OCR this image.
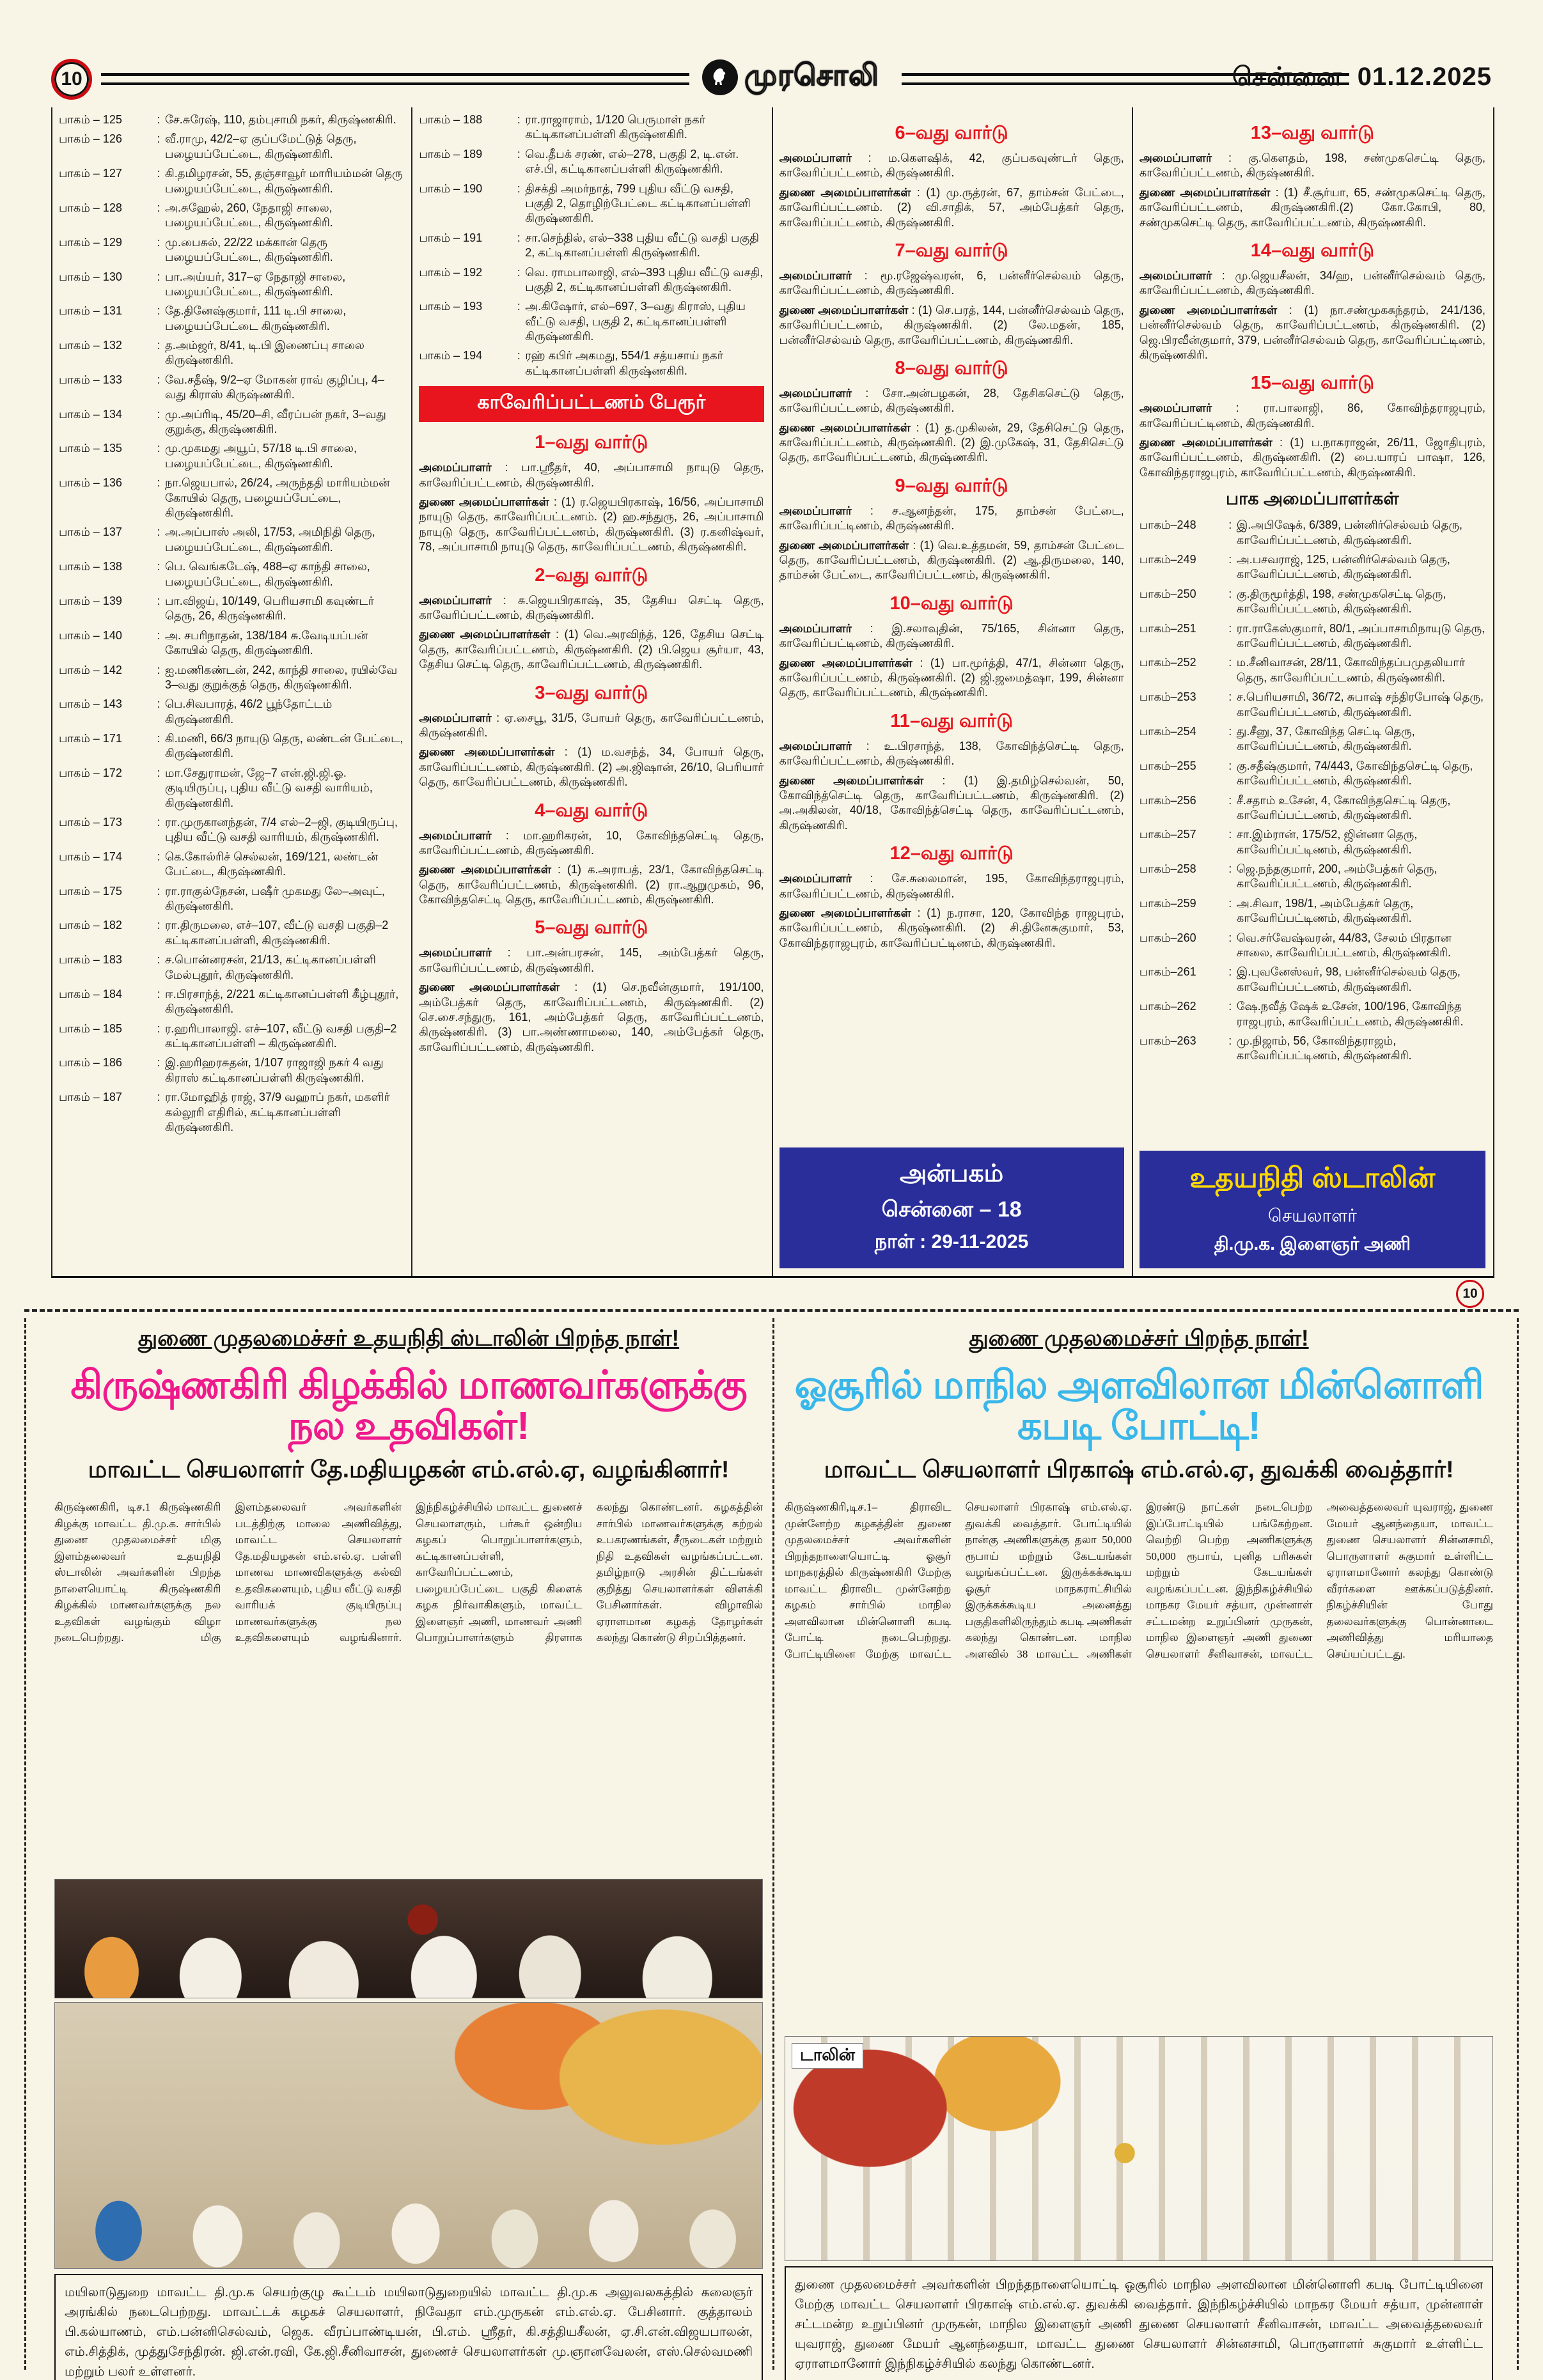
10	முரசொலி	சென்னை 01.12.2025

பாகம் – 125	: சே.சுரேஷ், 110, தம்புசாமி நகர், கிருஷ்ணகிரி.

பாகம் – 126	: வீ.ராமு, 42/2–ஏ குப்பமேட்டுத் தெரு, பழையப்பேட்டை, கிருஷ்ணகிரி.

பாகம் – 127	: கி.தமிழரசன், 55, தஞ்சாவூர் மாரியம்மன் தெரு பழையப்பேட்டை, கிருஷ்ணகிரி.

பாகம் – 128	: அ.சுஹேல், 260, நேதாஜி சாலை, பழையப்பேட்டை, கிருஷ்ணகிரி.

பாகம் – 129	: மு.பைசுல், 22/22 மக்கான் தெரு பழையப்பேட்டை, கிருஷ்ணகிரி.

பாகம் – 130	: பா.அய்யர், 317–ஏ நேதாஜி சாலை, பழையப்பேட்டை, கிருஷ்ணகிரி.

பாகம் – 131	: தே.தினேஷ்குமார், 111 டி.பி சாலை, பழையப்பேட்டை கிருஷ்ணகிரி.

பாகம் – 132	: த.அம்ஜர், 8/41, டி.பி இணைப்பு சாலை கிருஷ்ணகிரி.

பாகம் – 133	: வே.சதீஷ், 9/2–ஏ மோகன் ராவ் குழிப்பு, 4–வது கிராஸ் கிருஷ்ணகிரி.

பாகம் – 134	: மு.அப்ரிடி, 45/20–சி, வீரப்பன் நகர், 3–வது குறுக்கு, கிருஷ்ணகிரி.

பாகம் – 135	: மு.முகமது அயூப், 57/18 டி.பி சாலை, பழையப்பேட்டை, கிருஷ்ணகிரி.

பாகம் – 136	: நா.ஜெயபால், 26/24, அருந்ததி மாரியம்மன் கோயில் தெரு, பழையப்பேட்டை, கிருஷ்ணகிரி.

பாகம் – 137	: அ.அப்பாஸ் அலி, 17/53, அமிநிதி தெரு, பழையப்பேட்டை, கிருஷ்ணகிரி.

பாகம் – 138	: பெ. வெங்கடேஷ், 488–ஏ காந்தி சாலை, பழையப்பேட்டை, கிருஷ்ணகிரி.

பாகம் – 139	: பா.விஜய், 10/149, பெரியசாமி கவுண்டர் தெரு, 26, கிருஷ்ணகிரி.

பாகம் – 140	: அ. சபரிநாதன், 138/184 சு.வேடியப்பன் கோயில் தெரு, கிருஷ்ணகிரி.

பாகம் – 142	: ஐ.மணிகண்டன், 242, காந்தி சாலை, ரயில்வே 3–வது குறுக்குத் தெரு, கிருஷ்ணகிரி.

பாகம் – 143	: பெ.சிவபாரத், 46/2 பூந்தோட்டம் கிருஷ்ணகிரி.

பாகம் – 171	: கி.மணி, 66/3 நாயுடு தெரு, லண்டன் பேட்டை, கிருஷ்ணகிரி.

பாகம் – 172	: மா.சேதுராமன், ஜே–7 என்.ஜி.ஜி.ஓ. குடியிருப்பு, புதிய வீட்டு வசதி வாரியம், கிருஷ்ணகிரி.

பாகம் – 173	: ரா.முருகானந்தன், 7/4 எல்–2–ஜி, குடியிருப்பு, புதிய வீட்டு வசதி வாரியம், கிருஷ்ணகிரி.

பாகம் – 174	: கெ.கோல்ரிச் செல்லன், 169/121, லண்டன் பேட்டை, கிருஷ்ணகிரி.

பாகம் – 175	: ரா.ராகுல்நேசன், பஷீர் முகமது லே–அவுட், கிருஷ்ணகிரி.

பாகம் – 182	: ரா.திருமலை, எச்–107, வீட்டு வசதி பகுதி–2 கட்டிகானப்பள்ளி, கிருஷ்ணகிரி.

பாகம் – 183	: ச.பொன்னரசன், 21/13, கட்டிகானப்பள்ளி மேல்புதூர், கிருஷ்ணகிரி.

பாகம் – 184	: ஈ.பிரசாந்த், 2/221 கட்டிகானப்பள்ளி கீழ்புதூர், கிருஷ்ணகிரி.

பாகம் – 185	: ர.ஹரிபாலாஜி. எச்–107, வீட்டு வசதி பகுதி–2 கட்டிகானப்பள்ளி – கிருஷ்ணகிரி.

பாகம் – 186	: இ.ஹரிஹரசுதன், 1/107 ராஜாஜி நகர் 4 வது கிராஸ் கட்டிகானப்பள்ளி கிருஷ்ணகிரி.

பாகம் – 187	: ரா.மோஹித் ராஜ், 37/9 வஹாப் நகர், மகளிர் கல்லூரி எதிரில், கட்டிகானப்பள்ளி கிருஷ்ணகிரி.

பாகம் – 188	: ரா.ராஜாராம், 1/120 பெருமாள் நகர் கட்டிகானப்பள்ளி கிருஷ்ணகிரி.

பாகம் – 189	: வெ.தீபக் சரண், எல்–278, பகுதி 2, டி.என். எச்.பி, கட்டிகானப்பள்ளி கிருஷ்ணகிரி.

பாகம் – 190	: திசக்தி அமர்நாத், 799 புதிய வீட்டு வசதி, பகுதி 2, தொழிற்பேட்டை கட்டிகானப்பள்ளி கிருஷ்ணகிரி.

பாகம் – 191	: சா.செந்தில், எல்–338 புதிய வீட்டு வசதி பகுதி 2, கட்டிகானப்பள்ளி கிருஷ்ணகிரி.

பாகம் – 192	: வெ. ராமபாலாஜி, எல்–393 புதிய வீட்டு வசதி, பகுதி 2, கட்டிகானப்பள்ளி கிருஷ்ணகிரி.

பாகம் – 193	: அ.கிஷோர், எல்–697, 3–வது கிராஸ், புதிய வீட்டு வசதி, பகுதி 2, கட்டிகானப்பள்ளி கிருஷ்ணகிரி.

பாகம் – 194	: ரஹ் கபிர் அகமது, 554/1 சத்யசாய் நகர் கட்டிகானப்பள்ளி கிருஷ்ணகிரி.

காவேரிப்பட்டணம் பேரூர்
1–வது வார்டு

அமைப்பாளர் : பா.ஸ்ரீதர், 40, அப்பாசாமி நாயுடு தெரு, காவேரிப்பட்டணம், கிருஷ்ணகிரி.

துணை அமைப்பாளர்கள் : (1) ர.ஜெயபிரகாஷ், 16/56, அப்பாசாமி நாயுடு தெரு, காவேரிப்பட்டணம். (2) ஹ.சந்துரு, 26, அப்பாசாமி நாயுடு தெரு, காவேரிப்பட்டணம், கிருஷ்ணகிரி. (3) ர.கனிஷ்வர், 78, அப்பாசாமி நாயுடு தெரு, காவேரிப்பட்டணம், கிருஷ்ணகிரி.

2–வது வார்டு

அமைப்பாளர் : சு.ஜெயபிரகாஷ், 35, தேசிய செட்டி தெரு, காவேரிப்பட்டணம், கிருஷ்ணகிரி.

துணை அமைப்பாளர்கள் : (1) வெ.அரவிந்த், 126, தேசிய செட்டி தெரு, காவேரிப்பட்டணம், கிருஷ்ணகிரி. (2) பி.ஜெய சூர்யா, 43, தேசிய செட்டி தெரு, காவேரிப்பட்டணம், கிருஷ்ணகிரி.

3–வது வார்டு

அமைப்பாளர் : ஏ.சைபூ, 31/5, போயர் தெரு, காவேரிப்பட்டணம், கிருஷ்ணகிரி.

துணை அமைப்பாளர்கள் : (1) ம.வசந்த், 34, போயர் தெரு, காவேரிப்பட்டணம், கிருஷ்ணகிரி. (2) அ.ஜிஷான், 26/10, பெரியார் தெரு, காவேரிப்பட்டணம், கிருஷ்ணகிரி.

4–வது வார்டு

அமைப்பாளர் : மா.ஹரிகரன், 10, கோவிந்தசெட்டி தெரு, காவேரிப்பட்டணம், கிருஷ்ணகிரி.

துணை அமைப்பாளர்கள் : (1) க.அராபத், 23/1, கோவிந்தசெட்டி தெரு, காவேரிப்பட்டணம், கிருஷ்ணகிரி. (2) ரா.ஆறுமுகம், 96, கோவிந்தசெட்டி தெரு, காவேரிப்பட்டணம், கிருஷ்ணகிரி.

5–வது வார்டு

அமைப்பாளர் : பா.அன்பரசன், 145, அம்பேத்கர் தெரு, காவேரிப்பட்டணம், கிருஷ்ணகிரி.

துணை அமைப்பாளர்கள் : (1) செ.நவீன்குமார், 191/100, அம்பேத்கர் தெரு, காவேரிப்பட்டணம், கிருஷ்ணகிரி. (2) செ.சை.சந்துரு, 161, அம்பேத்கர் தெரு, காவேரிப்பட்டணம், கிருஷ்ணகிரி. (3) பா.அண்ணாமலை, 140, அம்பேத்கர் தெரு, காவேரிப்பட்டணம், கிருஷ்ணகிரி.

6–வது வார்டு

அமைப்பாளர் : ம.கௌஷிக், 42, குப்பகவுண்டர் தெரு, காவேரிப்பட்டணம், கிருஷ்ணகிரி.

துணை அமைப்பாளர்கள் : (1) மு.ருத்ரன், 67, தாம்சன் பேட்டை, காவேரிப்பட்டணம். (2) வி.சாதிக், 57, அம்பேத்கர் தெரு, காவேரிப்பட்டணம், கிருஷ்ணகிரி.

7–வது வார்டு

அமைப்பாளர் : மூ.ரஜேஷ்வரன், 6, பன்னீர்செல்வம் தெரு, காவேரிப்பட்டணம், கிருஷ்ணகிரி.

துணை அமைப்பாளர்கள் : (1) செ.பரத், 144, பன்னீர்செல்வம் தெரு, காவேரிப்பட்டணம், கிருஷ்ணகிரி. (2) லே.மதன், 185, பன்னீர்செல்வம் தெரு, காவேரிப்பட்டணம், கிருஷ்ணகிரி.

8–வது வார்டு

அமைப்பாளர் : சோ.அன்பழகன், 28, தேசிகசெட்டு தெரு, காவேரிப்பட்டணம், கிருஷ்ணகிரி.

துணை அமைப்பாளர்கள் : (1) த.முகிலன், 29, தேசிசெட்டு தெரு, காவேரிப்பட்டணம், கிருஷ்ணகிரி. (2) இ.முகேஷ், 31, தேசிசெட்டு தெரு, காவேரிப்பட்டணம், கிருஷ்ணகிரி.

9–வது வார்டு

அமைப்பாளர் : ச.ஆனந்தன், 175, தாம்சன் பேட்டை, காவேரிப்பட்டிணம், கிருஷ்ணகிரி.

துணை அமைப்பாளர்கள் : (1) வெ.உத்தமன், 59, தாம்சன் பேட்டை தெரு, காவேரிப்பட்டணம், கிருஷ்ணகிரி. (2) ஆ.திருமலை, 140, தாம்சன் பேட்டை, காவேரிப்பட்டணம், கிருஷ்ணகிரி.

10–வது வார்டு

அமைப்பாளர் : இ.சலாவுதின், 75/165, சின்னா தெரு, காவேரிப்பட்டிணம், கிருஷ்ணகிரி.

துணை அமைப்பாளர்கள் : (1) பா.மூர்த்தி, 47/1, சின்னா தெரு, காவேரிப்பட்டணம், கிருஷ்ணகிரி. (2) ஜி.ஜமைத்ஷா, 199, சின்னா தெரு, காவேரிப்பட்டணம், கிருஷ்ணகிரி.

11–வது வார்டு

அமைப்பாளர் : உ.பிரசாந்த், 138, கோவிந்த்செட்டி தெரு, காவேரிப்பட்டணம், கிருஷ்ணகிரி.

துணை அமைப்பாளர்கள் : (1) இ.தமிழ்செல்வன், 50, கோவிந்த்செட்டி தெரு, காவேரிப்பட்டணம், கிருஷ்ணகிரி. (2) அ.அகிலன், 40/18, கோவிந்த்செட்டி தெரு, காவேரிப்பட்டணம், கிருஷ்ணகிரி.

12–வது வார்டு

அமைப்பாளர் : சே.சுலைமான், 195, கோவிந்தராஜபுரம், காவேரிப்பட்டணம், கிருஷ்ணகிரி.

துணை அமைப்பாளர்கள் : (1) ந.ராசா, 120, கோவிந்த ராஜபுரம், காவேரிப்பட்டணம், கிருஷ்ணகிரி. (2) சி.தினேசுகுமார், 53, கோவிந்தராஜபுரம், காவேரிப்பட்டிணம், கிருஷ்ணகிரி.

அன்பகம்
சென்னை – 18
நாள் : 29-11-2025
13–வது வார்டு

அமைப்பாளர் : கு.கௌதம், 198, சண்முகசெட்டி தெரு, காவேரிப்பட்டணம், கிருஷ்ணகிரி.

துணை அமைப்பாளர்கள் : (1) சீ.சூர்யா, 65, சண்முகசெட்டி தெரு, காவேரிப்பட்டணம், கிருஷ்ணகிரி.(2) கோ.கோபி, 80, சண்முகசெட்டி தெரு, காவேரிப்பட்டணம், கிருஷ்ணகிரி.

14–வது வார்டு

அமைப்பாளர் : மு.ஜெயசீலன், 34/ஹ, பன்னீர்செல்வம் தெரு, காவேரிப்பட்டணம், கிருஷ்ணகிரி.

துணை அமைப்பாளர்கள் : (1) நா.சண்முகசுந்தரம், 241/136, பன்னீர்செல்வம் தெரு, காவேரிப்பட்டணம், கிருஷ்ணகிரி. (2) ஜெ.பிரவீன்குமார், 379, பன்னீர்செல்வம் தெரு, காவேரிப்பட்டிணம், கிருஷ்ணகிரி.

15–வது வார்டு

அமைப்பாளர் : ரா.பாலாஜி, 86, கோவிந்தராஜபுரம், காவேரிப்பட்டிணம், கிருஷ்ணகிரி.

துணை அமைப்பாளர்கள் : (1) ப.நாகராஜன், 26/11, ஜோதிபுரம், காவேரிப்பட்டணம், கிருஷ்ணகிரி. (2) பை.யாரப் பாஷா, 126, கோவிந்தராஜபுரம், காவேரிப்பட்டணம், கிருஷ்ணகிரி.

பாக அமைப்பாளர்கள்

பாகம்–248	: இ.அபிஷேக், 6/389, பன்னிர்செல்வம் தெரு, காவேரிப்பட்டணம், கிருஷ்ணகிரி.

பாகம்–249	: அ.பசவராஜ், 125, பன்னிர்செல்வம் தெரு, காவேரிப்பட்டணம், கிருஷ்ணகிரி.

பாகம்–250	: கு.திருமூர்த்தி, 198, சண்முகசெட்டி தெரு, காவேரிப்பட்டணம், கிருஷ்ணகிரி.

பாகம்–251	: ரா.ராகேஸ்குமார், 80/1, அப்பாசாமிநாயுடு தெரு, காவேரிப்பட்டணம், கிருஷ்ணகிரி.

பாகம்–252	: ம.சீனிவாசன், 28/11, கோவிந்தப்பமுதலியார் தெரு, காவேரிப்பட்டணம், கிருஷ்ணகிரி.

பாகம்–253	: ச.பெரியசாமி, 36/72, சுபாஷ் சந்திரபோஷ் தெரு, காவேரிப்பட்டணம், கிருஷ்ணகிரி.

பாகம்–254	: து.சீனு, 37, கோவிந்த செட்டி தெரு, காவேரிப்பட்டணம், கிருஷ்ணகிரி.

பாகம்–255	: கு.சதீஷ்குமார், 74/443, கோவிந்தசெட்டி தெரு, காவேரிப்பட்டணம், கிருஷ்ணகிரி.

பாகம்–256	: சீ.சதாம் உசேன், 4, கோவிந்தசெட்டி தெரு, காவேரிப்பட்டணம், கிருஷ்ணகிரி.

பாகம்–257	: சா.இம்ரான், 175/52, ஜின்னா தெரு, காவேரிப்பட்டிணம், கிருஷ்ணகிரி.

பாகம்–258	: ஜெ.நந்தகுமார், 200, அம்பேத்கர் தெரு, காவேரிப்பட்டணம், கிருஷ்ணகிரி.

பாகம்–259	: அ.சிவா, 198/1, அம்பேத்கர் தெரு, காவேரிப்பட்டிணம், கிருஷ்ணகிரி.

பாகம்–260	: வெ.சர்வேஷ்வரன், 44/83, சேலம் பிரதான சாலை, காவேரிப்பட்டணம், கிருஷ்ணகிரி.

பாகம்–261	: இ.புவனேஸ்வர், 98, பன்னீர்செல்வம் தெரு, காவேரிப்பட்டணம், கிருஷ்ணகிரி.

பாகம்–262	: ஷே.நவீத் ஷேக் உசேன், 100/196, கோவிந்த ராஜபுரம், காவேரிப்பட்டணம், கிருஷ்ணகிரி.

பாகம்–263	: மு.நிஜாம், 56, கோவிந்தராஜம், காவேரிப்பட்டிணம், கிருஷ்ணகிரி.

உதயநிதி ஸ்டாலின்
செயலாளர்
தி.மு.க. இளைஞர் அணி
10
துணை முதலமைச்சர் உதயநிதி ஸ்டாலின் பிறந்த நாள்!
கிருஷ்ணகிரி கிழக்கில் மாணவர்களுக்கு நல உதவிகள்!
மாவட்ட செயலாளர் தே.மதியழகன் எம்.எல்.ஏ, வழங்கினார்!
கிருஷ்ணகிரி, டிச.1 கிருஷ்ணகிரி கிழக்கு மாவட்ட தி.மு.க. சார்பில் துணை முதலமைச்சர் மிகு இளம்தலைவர் உதயநிதி ஸ்டாலின் அவர்களின் பிறந்த நாளையொட்டி கிருஷ்ணகிரி கிழக்கில் மாணவர்களுக்கு நல உதவிகள் வழங்கும் விழா நடைபெற்றது. மிகு இளம்தலைவர் அவர்களின் படத்திற்கு மாலை அணிவித்து, மாவட்ட செயலாளர் தே.மதியழகன் எம்.எல்.ஏ. பள்ளி மாணவ மாணவிகளுக்கு கல்வி உதவிகளையும், புதிய வீட்டு வசதி வாரியக் குடியிருப்பு மாணவர்களுக்கு நல உதவிகளையும் வழங்கினார். இந்நிகழ்ச்சியில் மாவட்ட துணைச் செயலாளரும், பர்கூர் ஒன்றிய கழகப் பொறுப்பாளர்களும், கட்டிகானப்பள்ளி, காவேரிப்பட்டணம், பழையப்பேட்டை பகுதி கிளைக் கழக நிர்வாகிகளும், மாவட்ட இளைஞர் அணி, மாணவர் அணி பொறுப்பாளர்களும் திரளாக கலந்து கொண்டனர். கழகத்தின் சார்பில் மாணவர்களுக்கு கற்றல் உபகரணங்கள், சீருடைகள் மற்றும் நிதி உதவிகள் வழங்கப்பட்டன. தமிழ்நாடு அரசின் திட்டங்கள் குறித்து செயலாளர்கள் விளக்கி பேசினார்கள். விழாவில் ஏராளமான கழகத் தோழர்கள் கலந்து கொண்டு சிறப்பித்தனர்.
மயிலாடுதுறை மாவட்ட தி.மு.க செயற்குழு கூட்டம் மயிலாடுதுறையில் மாவட்ட தி.மு.க அலுவலகத்தில் கலைஞர் அரங்கில் நடைபெற்றது. மாவட்டக் கழகச் செயலாளர், நிவேதா எம்.முருகன் எம்.எல்.ஏ. பேசினார். குத்தாலம் பி.கல்யாணம், எம்.பன்னிசெல்வம், ஜெக. வீரப்பாண்டியன், பி.எம். ஸ்ரீதர், கி.சத்தியசீலன், ஏ.சி.என்.விஜயபாலன், எம்.சித்திக், முத்துசேந்திரன். ஜி.என்.ரவி, கே.ஜி.சீனிவாசன், துணைச் செயலாளர்கள் மு.ஞானவேலன், எஸ்.செல்வமணி மற்றும் பலர் உள்ளனர்.
துணை முதலமைச்சர் பிறந்த நாள்!
ஓசூரில் மாநில அளவிலான மின்னொளி கபடி போட்டி!
மாவட்ட செயலாளர் பிரகாஷ் எம்.எல்.ஏ, துவக்கி வைத்தார்!
கிருஷ்ணகிரி,டிச.1– திராவிட முன்னேற்ற கழகத்தின் துணை முதலமைச்சர் அவர்களின் பிறந்தநாளையொட்டி ஓசூர் மாநகரத்தில் கிருஷ்ணகிரி மேற்கு மாவட்ட திராவிட முன்னேற்ற கழகம் சார்பில் மாநில அளவிலான மின்னொளி கபடி போட்டி நடைபெற்றது. போட்டியினை மேற்கு மாவட்ட செயலாளர் பிரகாஷ் எம்.எல்.ஏ. துவக்கி வைத்தார். போட்டியில் நான்கு அணிகளுக்கு தலா 50,000 ரூபாய் மற்றும் கேடயங்கள் வழங்கப்பட்டன. இருக்கக்கூடிய ஓசூர் மாநகராட்சியில் இருக்கக்கூடிய அனைத்து பகுதிகளிலிருந்தும் கபடி அணிகள் கலந்து கொண்டன. மாநில அளவில் 38 மாவட்ட அணிகள் இரண்டு நாட்கள் நடைபெற்ற இப்போட்டியில் பங்கேற்றன. வெற்றி பெற்ற அணிகளுக்கு 50,000 ரூபாய், புனித பரிசுகள் மற்றும் கேடயங்கள் வழங்கப்பட்டன. இந்நிகழ்ச்சியில் மாநகர மேயர் சத்யா, முன்னாள் சட்டமன்ற உறுப்பினர் முருகன், மாநில இளைஞர் அணி துணை செயலாளர் சீனிவாசன், மாவட்ட அவைத்தலைவர் யுவராஜ், துணை மேயர் ஆனந்தையா, மாவட்ட துணை செயலாளர் சின்னசாமி, பொருளாளர் சுகுமார் உள்ளிட்ட ஏராளமானோர் கலந்து கொண்டு வீரர்களை ஊக்கப்படுத்தினர். நிகழ்ச்சியின் போது தலைவர்களுக்கு பொன்னாடை அணிவித்து மரியாதை செய்யப்பட்டது.
டாலின்
துணை முதலமைச்சர் அவர்களின் பிறந்தநாளையொட்டி ஓசூரில் மாநில அளவிலான மின்னொளி கபடி போட்டியினை மேற்கு மாவட்ட செயலாளர் பிரகாஷ் எம்.எல்.ஏ. துவக்கி வைத்தார். இந்நிகழ்ச்சியில் மாநகர மேயர் சத்யா, முன்னாள் சட்டமன்ற உறுப்பினர் முருகன், மாநில இளைஞர் அணி துணை செயலாளர் சீனிவாசன், மாவட்ட அவைத்தலைவர் யுவராஜ், துணை மேயர் ஆனந்தையா, மாவட்ட துணை செயலாளர் சின்னசாமி, பொருளாளர் சுகுமார் உள்ளிட்ட ஏராளமானோர் இந்நிகழ்ச்சியில் கலந்து கொண்டனர்.
